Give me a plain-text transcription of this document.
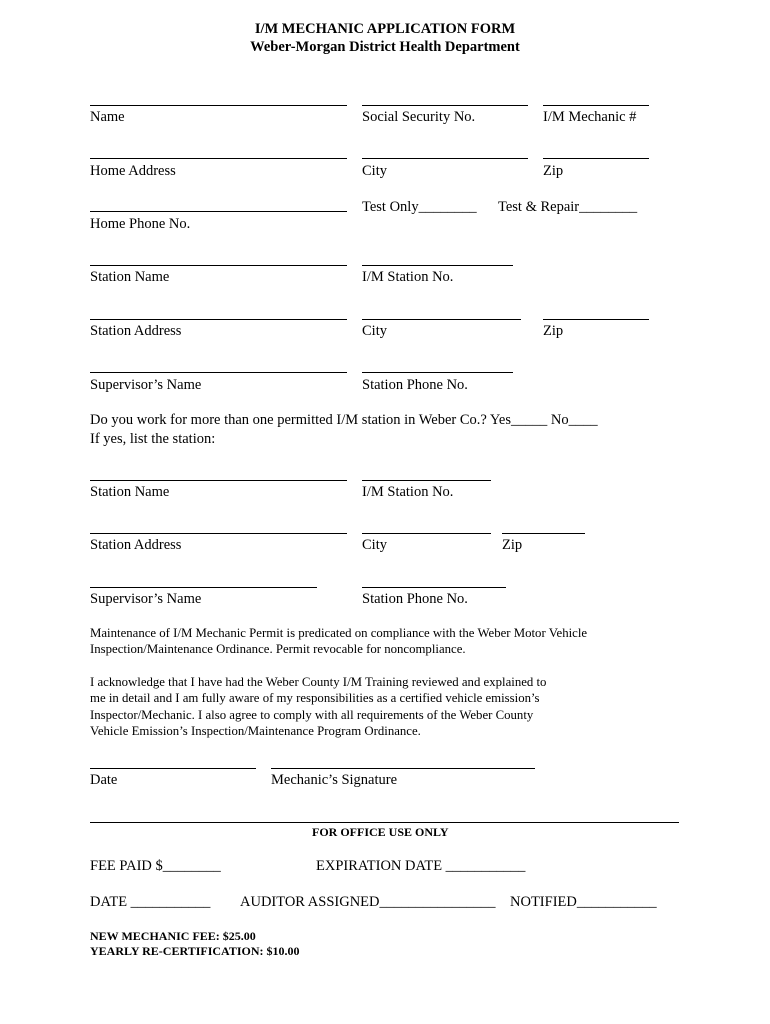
I/M MECHANIC APPLICATION FORM
Weber-Morgan District Health Department
Name	Social Security No.	I/M Mechanic #
Home Address	City	Zip
Test Only________ Test & Repair________
Home Phone No.
Station Name	I/M Station No.
Station Address	City	Zip
Supervisor’s Name	Station Phone No.
Do you work for more than one permitted I/M station in Weber Co.? Yes_____ No____
If yes, list the station:
Station Name	I/M Station No.
Station Address	City	Zip
Supervisor’s Name	Station Phone No.
Maintenance of I/M Mechanic Permit is predicated on compliance with the Weber Motor Vehicle
Inspection/Maintenance Ordinance. Permit revocable for noncompliance.
I acknowledge that I have had the Weber County I/M Training reviewed and explained to
me in detail and I am fully aware of my responsibilities as a certified vehicle emission’s
Inspector/Mechanic. I also agree to comply with all requirements of the Weber County
Vehicle Emission’s Inspection/Maintenance Program Ordinance.
Date	Mechanic’s Signature
FOR OFFICE USE ONLY
FEE PAID $________	EXPIRATION DATE ___________
DATE ___________ AUDITOR ASSIGNED________________ NOTIFIED___________
NEW MECHANIC FEE: $25.00
YEARLY RE-CERTIFICATION: $10.00
